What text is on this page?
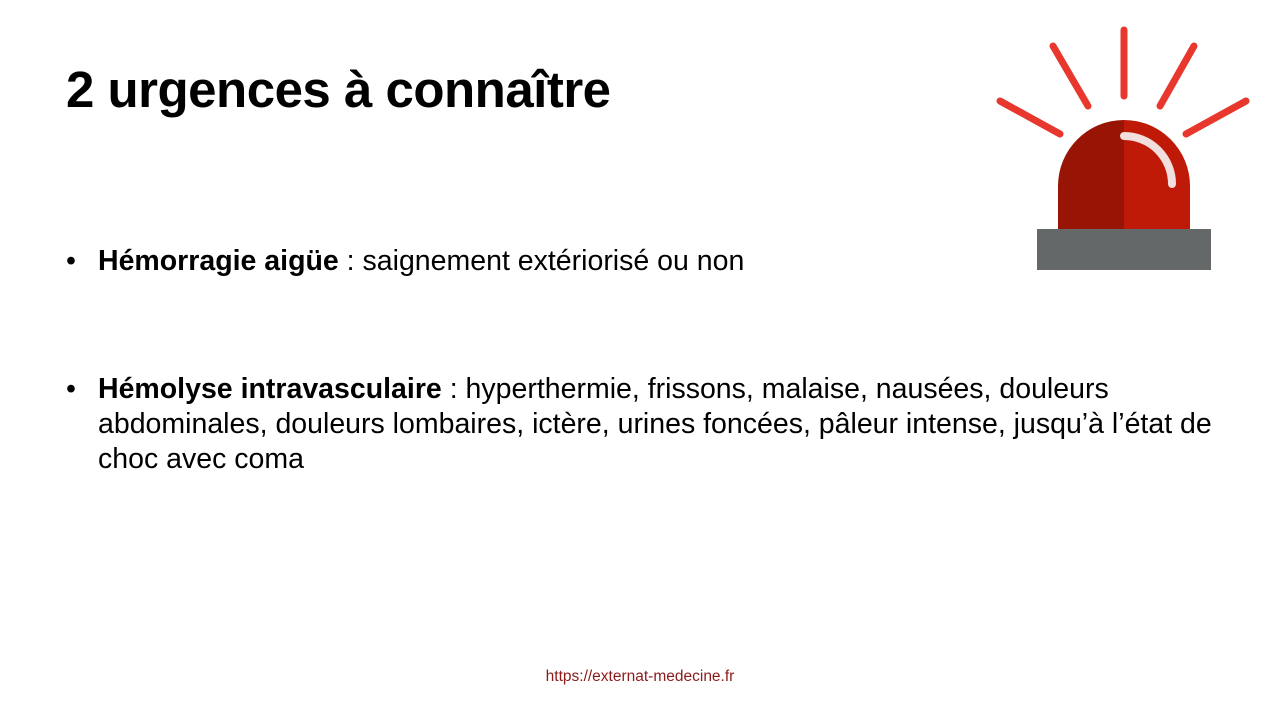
2 urgences à connaître
• Hémorragie aigüe : saignement extériorisé ou non
• Hémolyse intravasculaire : hyperthermie, frissons, malaise, nausées, douleurs abdominales, douleurs lombaires, ictère, urines foncées, pâleur intense, jusqu’à l’état de choc avec coma
https://externat-medecine.fr
